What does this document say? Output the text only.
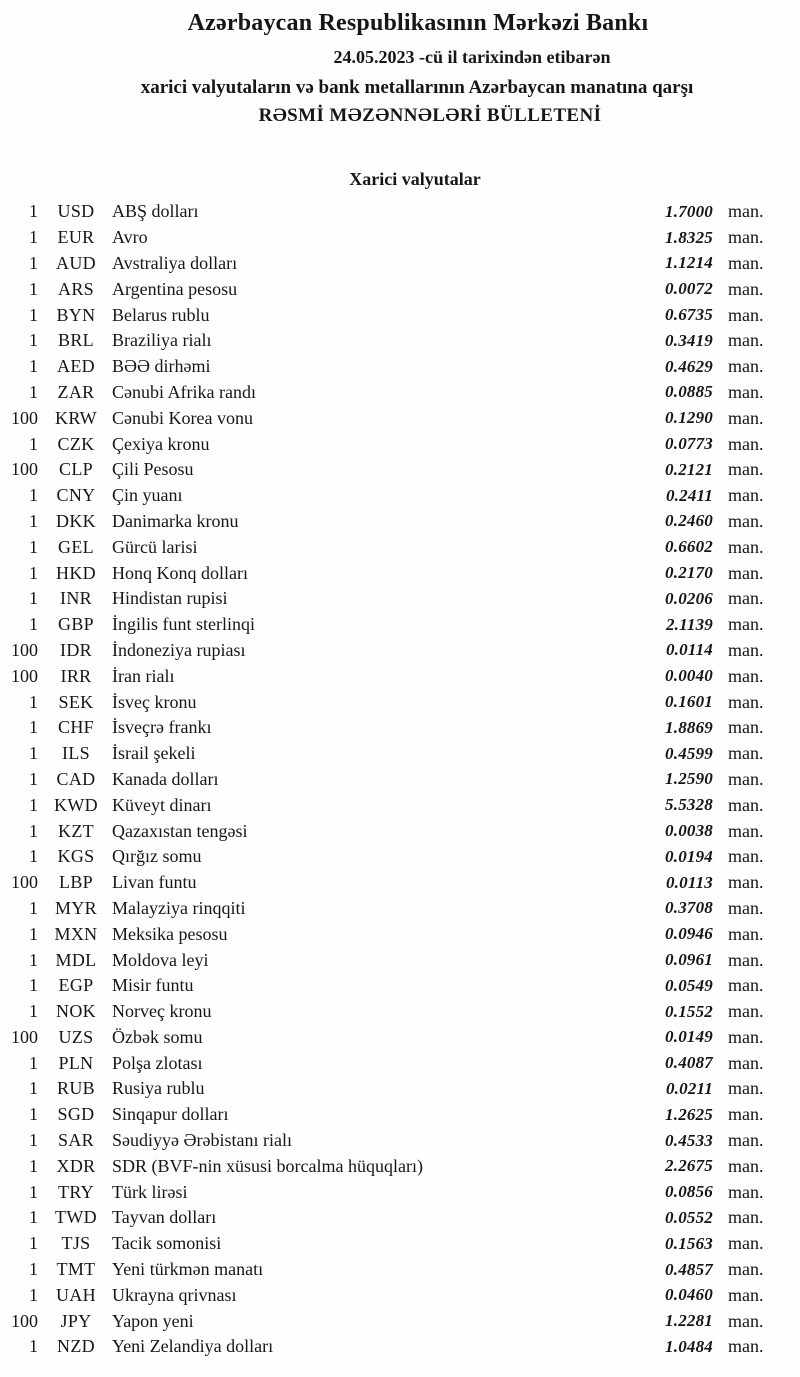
Azərbaycan Respublikasının Mərkəzi Bankı
24.05.2023 -cü il tarixindən etibarən
xarici valyutaların və bank metallarının Azərbaycan manatına qarşı
RƏSMİ MƏZƏNNƏLƏRİ BÜLLETENİ
Xarici valyutalar
1	USD ABŞ dolları	1.7000 man.
1	EUR Avro	1.8325 man.
1	AUD Avstraliya dolları	1.1214 man.
1	ARS	Argentina pesosu	0.0072 man.
1	BYN Belarus rublu	0.6735 man.
1	BRL	Braziliya rialı	0.3419 man.
1	AED BƏƏ dirhəmi	0.4629 man.
1	ZAR Cənubi Afrika randı	0.0885 man.
100 KRW Cənubi Korea vonu	0.1290 man.
1	CZK Çexiya kronu	0.0773 man.
100	CLP	Çili Pesosu	0.2121 man.
1	CNY Çin yuanı	0.2411 man.
1	DKK Danimarka kronu	0.2460 man.
1	GEL	Gürcü larisi	0.6602 man.
1	HKD Honq Konq dolları	0.2170 man.
1	INR	Hindistan rupisi	0.0206 man.
1	GBP	İngilis funt sterlinqi	2.1139 man.
100	IDR	İndoneziya rupiası	0.0114 man.
100	IRR	İran rialı	0.0040 man.
1	SEK	İsveç kronu	0.1601 man.
1	CHF	İsveçrə frankı	1.8869 man.
1	ILS	İsrail şekeli	0.4599 man.
1	CAD Kanada dolları	1.2590 man.
1 KWD Küveyt dinarı	5.5328 man.
1	KZT	Qazaxıstan tengəsi	0.0038 man.
1	KGS Qırğız somu	0.0194 man.
100	LBP	Livan funtu	0.0113 man.
1 MYR Malayziya rinqqiti	0.3708 man.
1 MXN Meksika pesosu	0.0946 man.
1 MDL Moldova leyi	0.0961 man.
1	EGP	Misir funtu	0.0549 man.
1	NOK Norveç kronu	0.1552 man.
100	UZS	Özbək somu	0.0149 man.
1	PLN	Polşa zlotası	0.4087 man.
1	RUB Rusiya rublu	0.0211 man.
1	SGD Sinqapur dolları	1.2625 man.
1	SAR	Səudiyyə Ərəbistanı rialı	0.4533 man.
1	XDR SDR (BVF-nin xüsusi borcalma hüquqları)	2.2675 man.
1	TRY	Türk lirəsi	0.0856 man.
1 TWD Tayvan dolları	0.0552 man.
1	TJS	Tacik somonisi	0.1563 man.
1	TMT Yeni türkmən manatı	0.4857 man.
1	UAH Ukrayna qrivnası	0.0460 man.
100	JPY	Yapon yeni	1.2281 man.
1	NZD Yeni Zelandiya dolları	1.0484 man.
